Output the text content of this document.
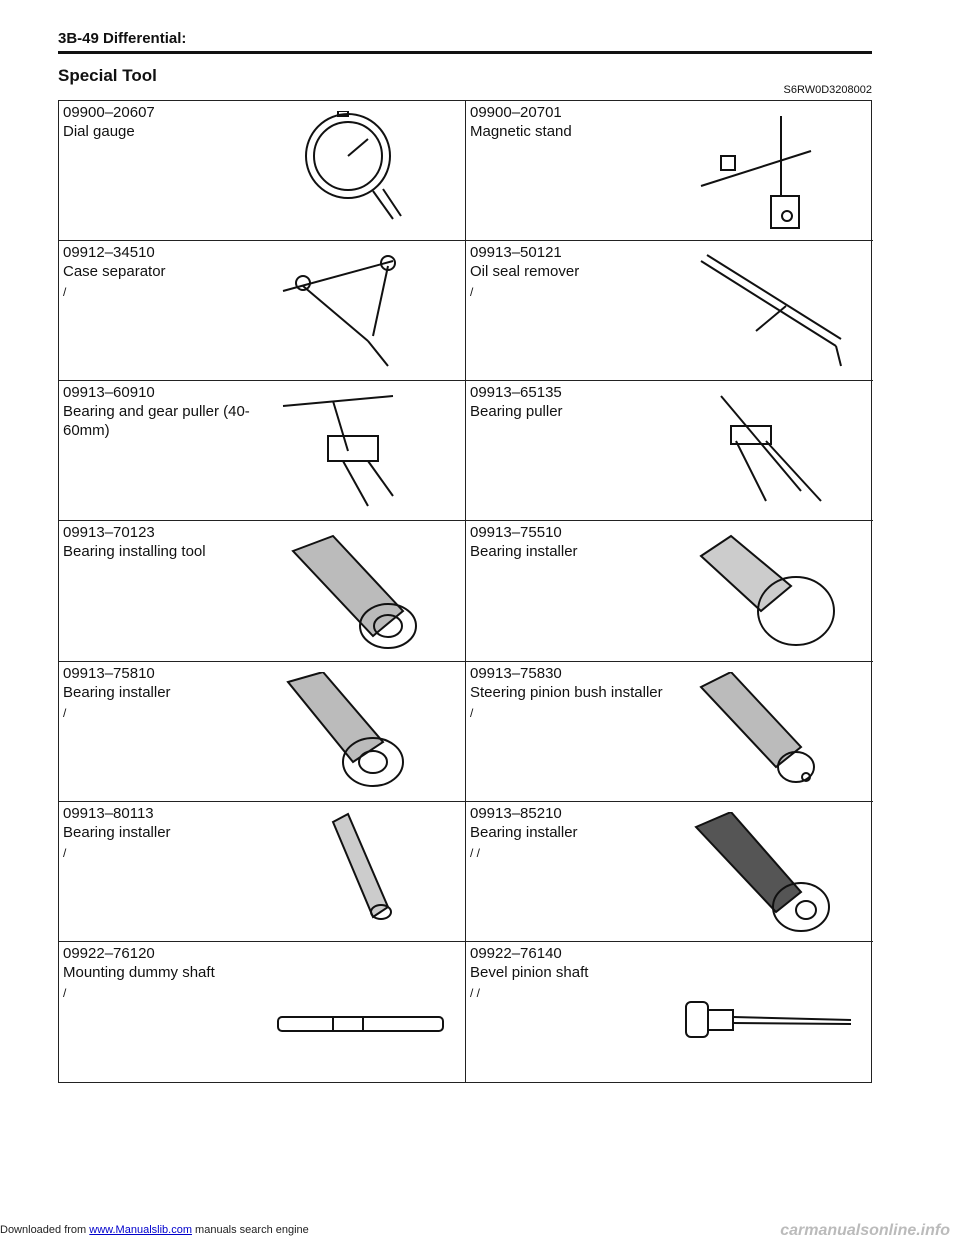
3B-49 Differential:
Special Tool
S6RW0D3208002
09900–20607
Dial gauge
09900–20701
Magnetic stand
09912–34510
Case separator
/
09913–50121
Oil seal remover
/
09913–60910
Bearing and gear puller (40-60mm)
09913–65135
Bearing puller
09913–70123
Bearing installing tool
09913–75510
Bearing installer
09913–75810
Bearing installer
/
09913–75830
Steering pinion bush installer
/
09913–80113
Bearing installer
/
09913–85210
Bearing installer
/ /
09922–76120
Mounting dummy shaft
/
09922–76140
Bevel pinion shaft
/ /
Downloaded from www.Manualslib.com manuals search engine	carmanualsonline.info
